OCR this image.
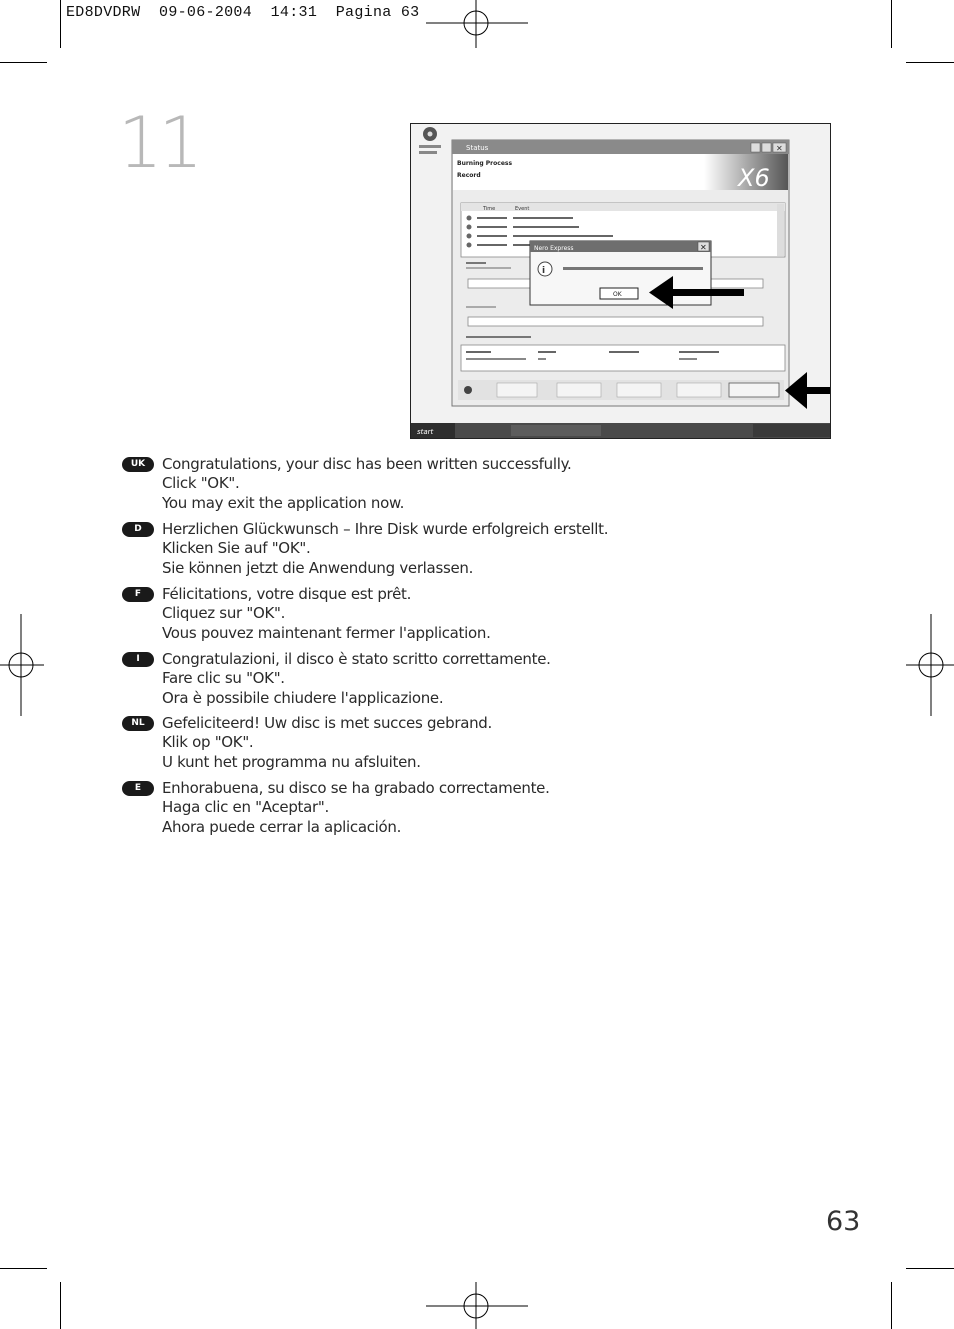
ED8DVDRW  09-06-2004  14:31  Pagina 63
11	Status	✕
Burning Process
Record	X6
Time	Event
Nero Express	✕
i
OK
start
UK	Congratulations, your disc has been written successfully.
Click "OK".
You may exit the application now.
D	Herzlichen Glückwunsch – Ihre Disk wurde erfolgreich erstellt.
Klicken Sie auf "OK".
Sie können jetzt die Anwendung verlassen.
F	Félicitations, votre disque est prêt.
Cliquez sur "OK".
Vous pouvez maintenant fermer l'application.
I	Congratulazioni, il disco è stato scritto correttamente.
Fare clic su "OK".
Ora è possibile chiudere l'applicazione.
NL	Gefeliciteerd! Uw disc is met succes gebrand.
Klik op "OK".
U kunt het programma nu afsluiten.
E	Enhorabuena, su disco se ha grabado correctamente.
Haga clic en "Aceptar".
Ahora puede cerrar la aplicación.
63
